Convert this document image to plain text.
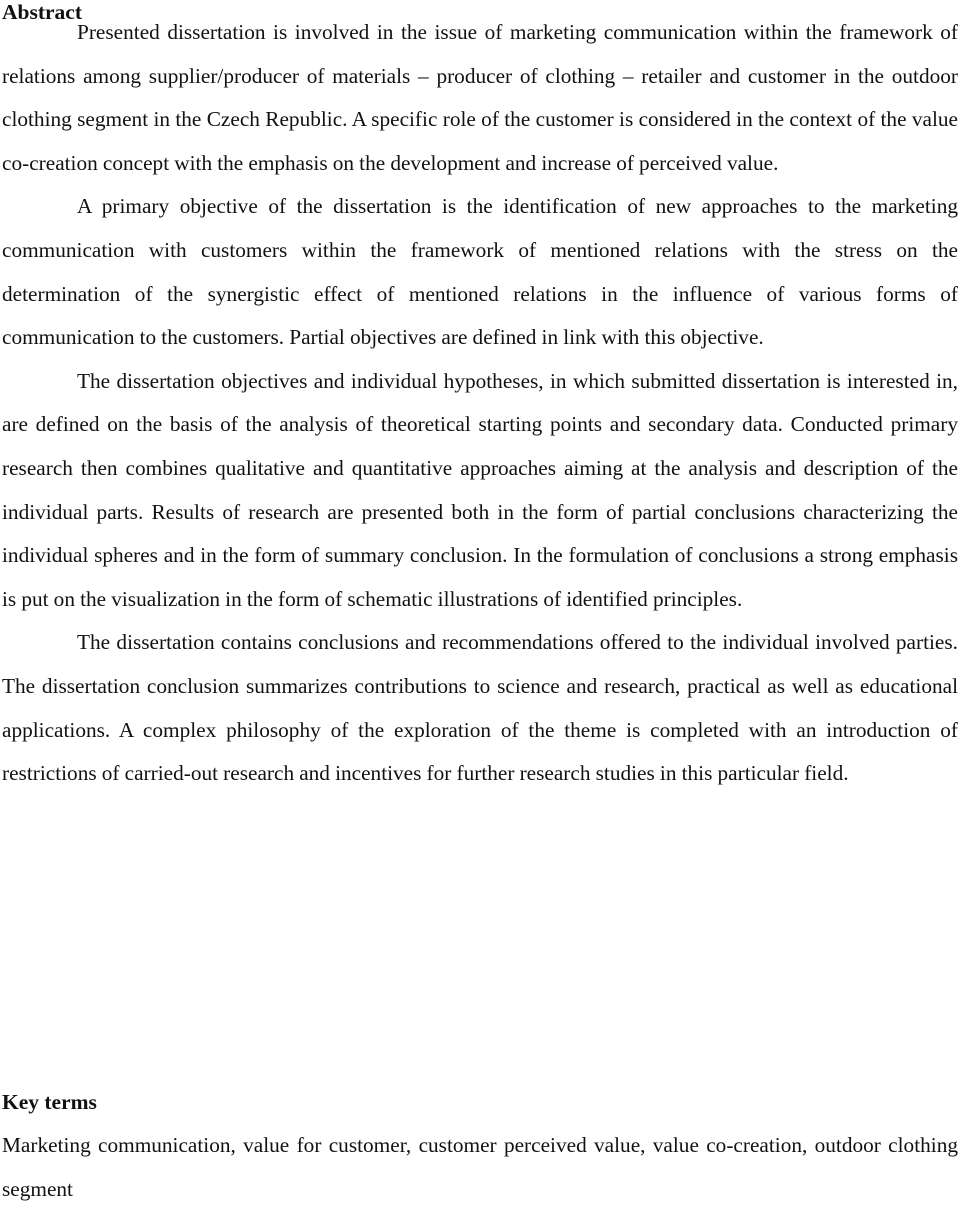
Abstract

Presented dissertation is involved in the issue of marketing communication within the framework of relations among supplier/producer of materials – producer of clothing – retailer and customer in the outdoor clothing segment in the Czech Republic. A specific role of the customer is considered in the context of the value co-creation concept with the emphasis on the development and increase of perceived value.

A primary objective of the dissertation is the identification of new approaches to the marketing communication with customers within the framework of mentioned relations with the stress on the determination of the synergistic effect of mentioned relations in the influence of various forms of communication to the customers. Partial objectives are defined in link with this objective.

The dissertation objectives and individual hypotheses, in which submitted dissertation is interested in, are defined on the basis of the analysis of theoretical starting points and secondary data. Conducted primary research then combines qualitative and quantitative approaches aiming at the analysis and description of the individual parts. Results of research are presented both in the form of partial conclusions characterizing the individual spheres and in the form of summary conclusion. In the formulation of conclusions a strong emphasis is put on the visualization in the form of schematic illustrations of identified principles.

The dissertation contains conclusions and recommendations offered to the individual involved parties. The dissertation conclusion summarizes contributions to science and research, practical as well as educational applications. A complex philosophy of the exploration of the theme is completed with an introduction of restrictions of carried-out research and incentives for further research studies in this particular field.

Key terms

Marketing communication, value for customer, customer perceived value, value co-creation, outdoor clothing segment
